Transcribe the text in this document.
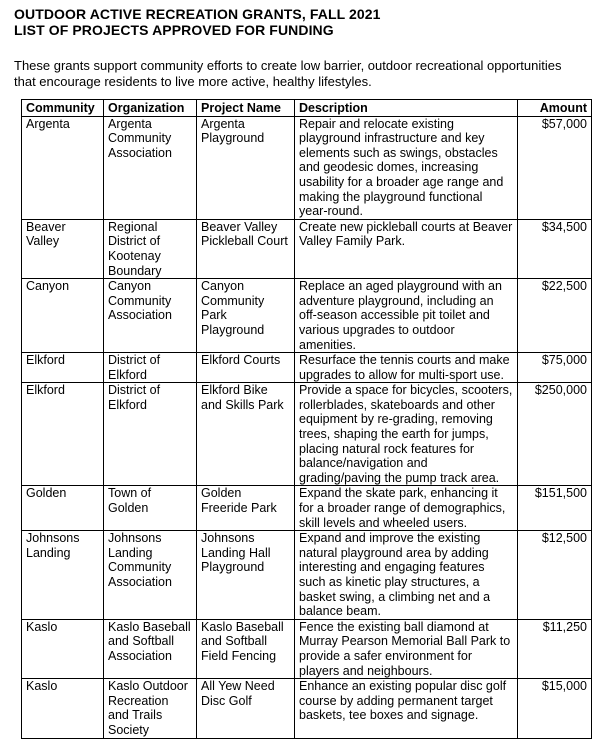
OUTDOOR ACTIVE RECREATION GRANTS, FALL 2021

LIST OF PROJECTS APPROVED FOR FUNDING

These grants support community efforts to create low barrier, outdoor recreational opportunities that encourage residents to live more active, healthy lifestyles.

Community	Organization	Project Name	Description	Amount
Argenta	Argenta Community Association	Argenta Playground	Repair and relocate existing playground infrastructure and key elements such as swings, obstacles and geodesic domes, increasing usability for a broader age range and making the playground functional year-round.	$57,000
Beaver Valley	Regional District of Kootenay Boundary	Beaver Valley Pickleball Court	Create new pickleball courts at Beaver Valley Family Park.	$34,500
Canyon	Canyon Community Association	Canyon Community Park Playground	Replace an aged playground with an adventure playground, including an off-season accessible pit toilet and various upgrades to outdoor amenities.	$22,500
Elkford	District of Elkford	Elkford Courts	Resurface the tennis courts and make upgrades to allow for multi-sport use.	$75,000
Elkford	District of Elkford	Elkford Bike and Skills Park	Provide a space for bicycles, scooters, rollerblades, skateboards and other equipment by re-grading, removing trees, shaping the earth for jumps, placing natural rock features for balance/navigation and grading/paving the pump track area.	$250,000
Golden	Town of Golden	Golden Freeride Park	Expand the skate park, enhancing it for a broader range of demographics, skill levels and wheeled users.	$151,500
Johnsons Landing	Johnsons Landing Community Association	Johnsons Landing Hall Playground	Expand and improve the existing natural playground area by adding interesting and engaging features such as kinetic play structures, a basket swing, a climbing net and a balance beam.	$12,500
Kaslo	Kaslo Baseball and Softball Association	Kaslo Baseball and Softball Field Fencing	Fence the existing ball diamond at Murray Pearson Memorial Ball Park to provide a safer environment for players and neighbours.	$11,250
Kaslo	Kaslo Outdoor Recreation and Trails Society	All Yew Need Disc Golf	Enhance an existing popular disc golf course by adding permanent target baskets, tee boxes and signage.	$15,000
